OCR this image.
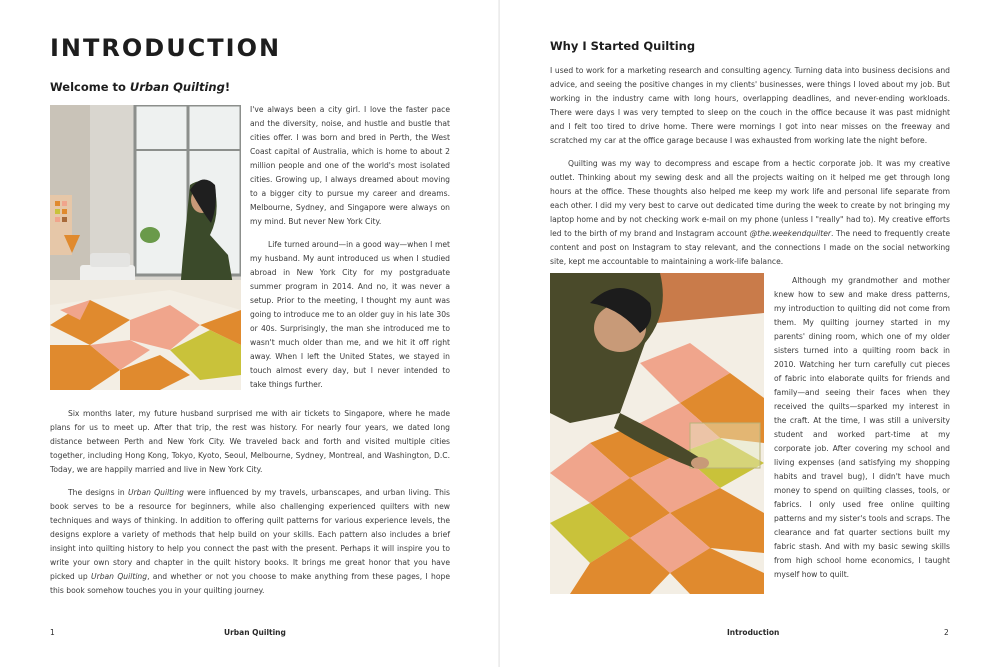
INTRODUCTION
Welcome to Urban Quilting!

I've always been a city girl. I love the faster pace and the diversity, noise, and hustle and bustle that cities offer. I was born and bred in Perth, the West Coast capital of Australia, which is home to about 2 million people and one of the world's most isolated cities. Growing up, I always dreamed about moving to a bigger city to pursue my career and dreams. Melbourne, Sydney, and Singapore were always on my mind. But never New York City.

Life turned around—in a good way—when I met my husband. My aunt introduced us when I studied abroad in New York City for my postgraduate summer program in 2014. And no, it was never a setup. Prior to the meeting, I thought my aunt was going to introduce me to an older guy in his late 30s or 40s. Surprisingly, the man she introduced me to wasn't much older than me, and we hit it off right away. When I left the United States, we stayed in touch almost every day, but I never intended to take things further.

Six months later, my future husband surprised me with air tickets to Singapore, where he made plans for us to meet up. After that trip, the rest was history. For nearly four years, we dated long distance between Perth and New York City. We traveled back and forth and visited multiple cities together, including Hong Kong, Tokyo, Kyoto, Seoul, Melbourne, Sydney, Montreal, and Washington, D.C. Today, we are happily married and live in New York City.

The designs in Urban Quilting were influenced by my travels, urbanscapes, and urban living. This book serves to be a resource for beginners, while also challenging experienced quilters with new techniques and ways of thinking. In addition to offering quilt patterns for various experience levels, the designs explore a variety of methods that help build on your skills. Each pattern also includes a brief insight into quilting history to help you connect the past with the present. Perhaps it will inspire you to write your own story and chapter in the quilt history books. It brings me great honor that you have picked up Urban Quilting, and whether or not you choose to make anything from these pages, I hope this book somehow touches you in your quilting journey.

1	Urban Quilting
Why I Started Quilting

I used to work for a marketing research and consulting agency. Turning data into business decisions and advice, and seeing the positive changes in my clients' businesses, were things I loved about my job. But working in the industry came with long hours, overlapping deadlines, and never-ending workloads. There were days I was very tempted to sleep on the couch in the office because it was past midnight and I felt too tired to drive home. There were mornings I got into near misses on the freeway and scratched my car at the office garage because I was exhausted from working late the night before.

Quilting was my way to decompress and escape from a hectic corporate job. It was my creative outlet. Thinking about my sewing desk and all the projects waiting on it helped me get through long hours at the office. These thoughts also helped me keep my work life and personal life separate from each other. I did my very best to carve out dedicated time during the week to create by not bringing my laptop home and by not checking work e-mail on my phone (unless I "really" had to). My creative efforts led to the birth of my brand and Instagram account @the.weekendquilter. The need to frequently create content and post on Instagram to stay relevant, and the connections I made on the social networking site, kept me accountable to maintaining a work-life balance.

Although my grandmother and mother knew how to sew and make dress patterns, my introduction to quilting did not come from them. My quilting journey started in my parents' dining room, which one of my older sisters turned into a quilting room back in 2010. Watching her turn carefully cut pieces of fabric into elaborate quilts for friends and family—and seeing their faces when they received the quilts—sparked my interest in the craft. At the time, I was still a university student and worked part-time at my corporate job. After covering my school and living expenses (and satisfying my shopping habits and travel bug), I didn't have much money to spend on quilting classes, tools, or fabrics. I only used free online quilting patterns and my sister's tools and scraps. The clearance and fat quarter sections built my fabric stash. And with my basic sewing skills from high school home economics, I taught myself how to quilt.

Introduction	2
